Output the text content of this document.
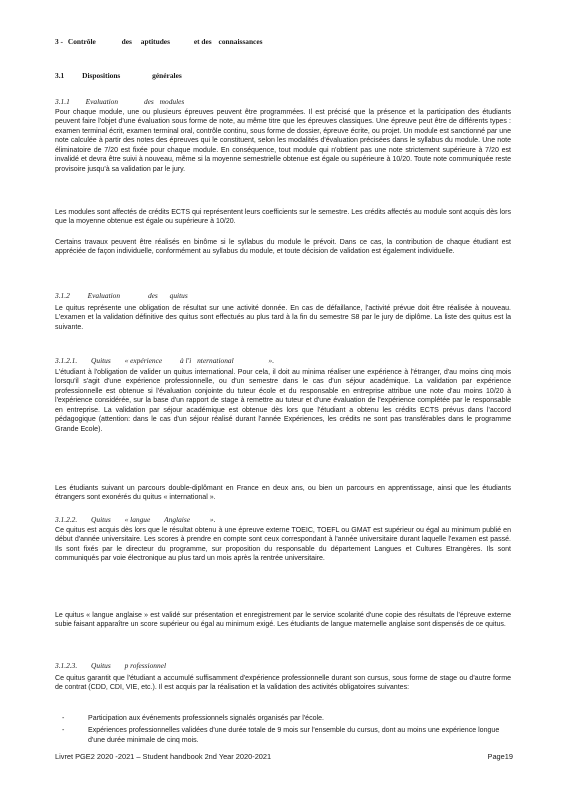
3 - Contrôle	des aptitudes	et des connaissances
3.1 Dispositions	générales
3.1.1 Evaluation	des modules

Pour chaque module, une ou plusieurs épreuves peuvent être programmées. Il est précisé que la présence et la participation des étudiants peuvent faire l'objet d'une évaluation sous forme de note, au même titre que les épreuves classiques. Une épreuve peut être de différents types : examen terminal écrit, examen terminal oral, contrôle continu, sous forme de dossier, épreuve écrite, ou projet. Un module est sanctionné par une note calculée à partir des notes des épreuves qui le constituent, selon les modalités d'évaluation précisées dans le syllabus du module. Une note éliminatoire de 7/20 est fixée pour chaque module. En conséquence, tout module qui n'obtient pas une note strictement supérieure à 7/20 est invalidé et devra être suivi à nouveau, même si la moyenne semestrielle obtenue est égale ou supérieure à 10/20. Toute note communiquée reste provisoire jusqu'à sa validation par le jury.

Les modules sont affectés de crédits ECTS qui représentent leurs coefficients sur le semestre. Les crédits affectés au module sont acquis dès lors que la moyenne obtenue est égale ou supérieure à 10/20.

Certains travaux peuvent être réalisés en binôme si le syllabus du module le prévoit. Dans ce cas, la contribution de chaque étudiant est appréciée de façon individuelle, conformément au syllabus du module, et toute décision de validation est également individuelle.

3.1.2 Evaluation	des quitus

Le quitus représente une obligation de résultat sur une activité donnée. En cas de défaillance, l'activité prévue doit être réalisée à nouveau. L'examen et la validation définitive des quitus sont effectués au plus tard à la fin du semestre S8 par le jury de diplôme. La liste des quitus est la suivante.

3.1.2.1. Quitus « expérience à l'i nternational	».

L'étudiant à l'obligation de valider un quitus international. Pour cela, il doit au minima réaliser une expérience à l'étranger, d'au moins cinq mois lorsqu'il s'agit d'une expérience professionnelle, ou d'un semestre dans le cas d'un séjour académique. La validation par expérience professionnelle est obtenue si l'évaluation conjointe du tuteur école et du responsable en entreprise attribue une note d'au moins 10/20 à l'expérience considérée, sur la base d'un rapport de stage à remettre au tuteur et d'une évaluation de l'expérience complétée par le responsable en entreprise. La validation par séjour académique est obtenue dès lors que l'étudiant a obtenu les crédits ECTS prévus dans l'accord pédagogique (attention: dans le cas d'un séjour réalisé durant l'année Expériences, les crédits ne sont pas transférables dans le programme Grande Ecole).

Les étudiants suivant un parcours double-diplômant en France en deux ans, ou bien un parcours en apprentissage, ainsi que les étudiants étrangers sont exonérés du quitus « international ».

3.1.2.2. Quitus « langue Anglaise	».

Ce quitus est acquis dès lors que le résultat obtenu à une épreuve externe TOEIC, TOEFL ou GMAT est supérieur ou égal au minimum publié en début d'année universitaire. Les scores à prendre en compte sont ceux correspondant à l'année universitaire durant laquelle l'examen est passé. Ils sont fixés par le directeur du programme, sur proposition du responsable du département Langues et Cultures Etrangères. Ils sont communiqués par voie électronique au plus tard un mois après la rentrée universitaire.

Le quitus « langue anglaise » est validé sur présentation et enregistrement par le service scolarité d'une copie des résultats de l'épreuve externe subie faisant apparaître un score supérieur ou égal au minimum exigé. Les étudiants de langue maternelle anglaise sont dispensés de ce quitus.

3.1.2.3. Quitus p rofessionnel

Ce quitus garantit que l'étudiant a accumulé suffisamment d'expérience professionnelle durant son cursus, sous forme de stage ou d'autre forme de contrat (CDD, CDI, VIE, etc.). Il est acquis par la réalisation et la validation des activités obligatoires suivantes:

- Participation aux événements professionnels signalés organisés par l'école.
- Expériences professionnelles validées d'une durée totale de 9 mois sur l'ensemble du cursus, dont au moins une expérience longue d'une durée minimale de cinq mois.
Livret PGE2 2020 -2021 – Student handbook 2nd Year 2020-2021	Page19
